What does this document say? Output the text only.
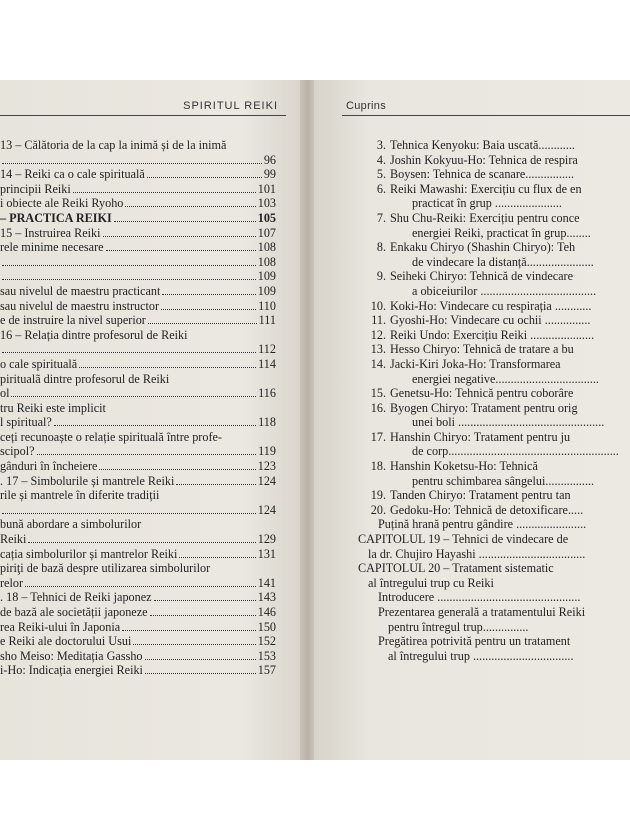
SPIRITUL REIKI
13 – Călătoria de la cap la inimă și de la inimă
96
14 – Reiki ca o cale spirituală	99
principii Reiki	101
i obiecte ale Reiki Ryoho	103
– PRACTICA REIKI	105
15 – Instruirea Reiki	107
rele minime necesare	108
108
109
sau nivelul de maestru practicant	109
sau nivelul de maestru instructor	110
e de instruire la nivel superior	111
16 – Relația dintre profesorul de Reiki
112
o cale spirituală	114
piritualã dintre profesorul de Reiki
ol	116
tru Reiki este implicit
l spiritual?	118
ceți recunoaște o relație spirituală între profe-
scipol?	119
gânduri în încheiere	123
. 17 – Simbolurile și mantrele Reiki	124
rile și mantrele în diferite tradiții
124
bună abordare a simbolurilor
Reiki	129
cația simbolurilor și mantrelor Reiki	131
piriţi de bază despre utilizarea simbolurilor
relor	141
. 18 – Tehnici de Reiki japonez	143
de bază ale societății japoneze	146
rea Reiki-ului în Japonia	150
e Reiki ale doctorului Usui	152
sho Meiso: Meditația Gassho	153
i-Ho: Indicația energiei Reiki	157
Cuprins
3. Tehnica Kenyoku: Baia uscată............
4. Joshin Kokyuu-Ho: Tehnica de respira
5. Boysen: Tehnica de scanare................
6. Reiki Mawashi: Exercițiu cu flux de en
practicat în grup ......................
7. Shu Chu-Reiki: Exercițiu pentru conce
energiei Reiki, practicat în grup........
8. Enkaku Chiryo (Shashin Chiryo): Teh
de vindecare la distanță......................
9. Seiheki Chiryo: Tehnică de vindecare
a obiceiurilor ......................................
10. Koki-Ho: Vindecare cu respirația ............
11. Gyoshi-Ho: Vindecare cu ochii ...............
12. Reiki Undo: Exercițiu Reiki .....................
13. Hesso Chiryo: Tehnică de tratare a bu
14. Jacki-Kiri Joka-Ho: Transformarea
energiei negative..................................
15. Genetsu-Ho: Tehnică pentru coborâre
16. Byogen Chiryo: Tratament pentru orig
unei boli ................................................
17. Hanshin Chiryo: Tratament pentru ju
de corp........................................................
18. Hanshin Koketsu-Ho: Tehnică
pentru schimbarea sângelui................
19. Tanden Chiryo: Tratament pentru tan
20. Gedoku-Ho: Tehnică de detoxificare.....
Puțină hrană pentru gândire .......................
CAPITOLUL 19 – Tehnici de vindecare de
la dr. Chujiro Hayashi ...................................
CAPITOLUL 20 – Tratament sistematic
al întregului trup cu Reiki
Introducere ...............................................
Prezentarea generală a tratamentului Reiki
pentru întregul trup...............
Pregătirea potrivită pentru un tratament
al întregului trup .................................
